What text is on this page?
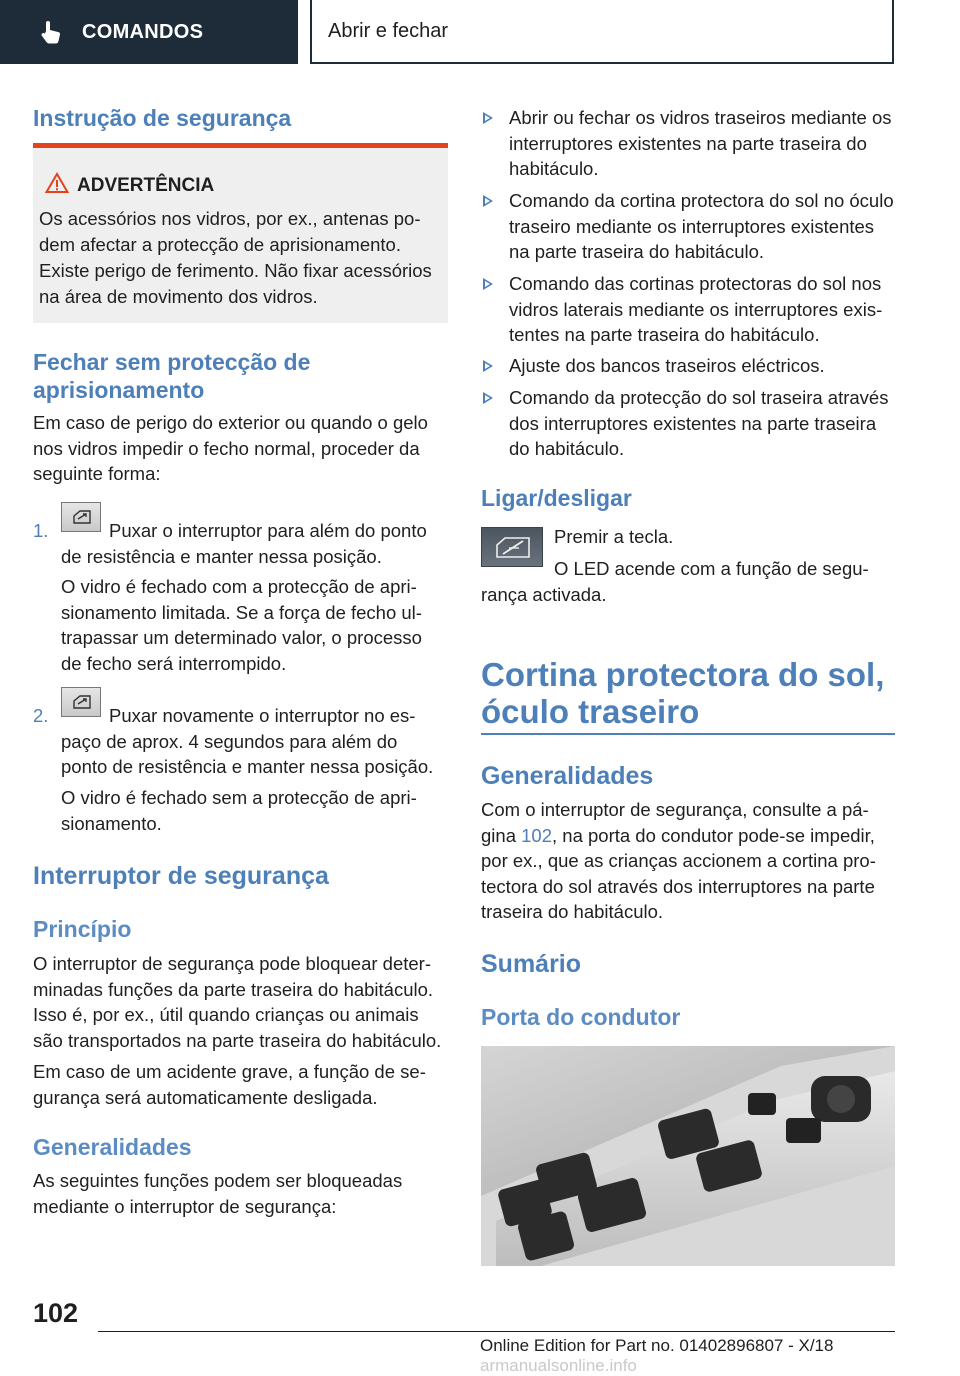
COMANDOS	Abrir e fechar
Instrução de segurança
ADVERTÊNCIA
Os acessórios nos vidros, por ex., antenas podem afectar a protecção de aprisionamento. Existe perigo de ferimento. Não fixar acessórios na área de movimento dos vidros.
Fechar sem protecção de aprisionamento

Em caso de perigo do exterior ou quando o gelo nos vidros impedir o fecho normal, proceder da seguinte forma:

1.	Puxar o interruptor para além do ponto de resistência e manter nessa posição.

O vidro é fechado com a protecção de aprisionamento limitada. Se a força de fecho ultrapassar um determinado valor, o processo de fecho será interrompido.

2.	Puxar novamente o interruptor no espaço de aprox. 4 segundos para além do ponto de resistência e manter nessa posição.

O vidro é fechado sem a protecção de aprisionamento.

Interruptor de segurança
Princípio

O interruptor de segurança pode bloquear determinadas funções da parte traseira do habitáculo. Isso é, por ex., útil quando crianças ou animais são transportados na parte traseira do habitáculo.

Em caso de um acidente grave, a função de segurança será automaticamente desligada.

Generalidades

As seguintes funções podem ser bloqueadas mediante o interruptor de segurança:

Abrir ou fechar os vidros traseiros mediante os interruptores existentes na parte traseira do habitáculo.

Comando da cortina protectora do sol no óculo traseiro mediante os interruptores existentes na parte traseira do habitáculo.

Comando das cortinas protectoras do sol nos vidros laterais mediante os interruptores existentes na parte traseira do habitáculo.

Ajuste dos bancos traseiros eléctricos.

Comando da protecção do sol traseira através dos interruptores existentes na parte traseira do habitáculo.

Ligar/desligar

Premir a tecla.

O LED acende com a função de segurança activada.

Cortina protectora do sol, óculo traseiro
Generalidades

Com o interruptor de segurança, consulte a página 102, na porta do condutor pode-se impedir, por ex., que as crianças accionem a cortina protectora do sol através dos interruptores na parte traseira do habitáculo.

Sumário
Porta do condutor
102
Online Edition for Part no. 01402896807 - X/18 armanualsonline.info
